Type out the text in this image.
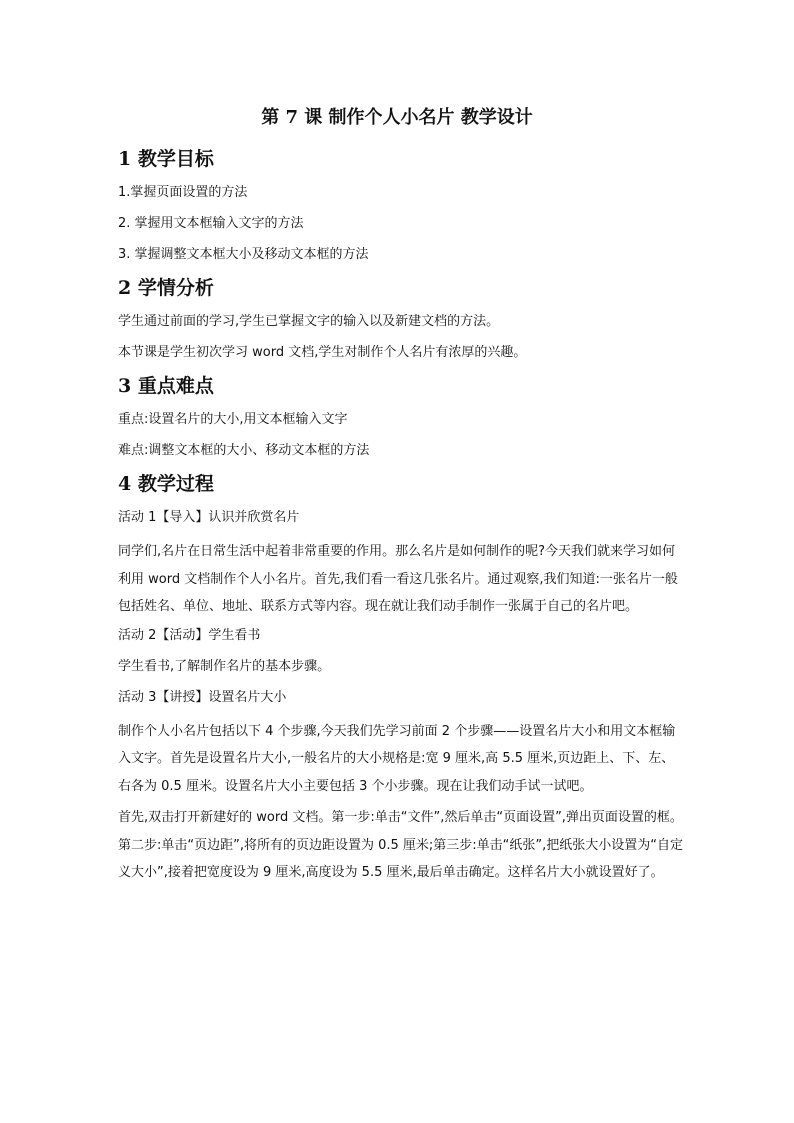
第 7 课 制作个人小名片 教学设计
1 教学目标

1.掌握页面设置的方法

2. 掌握用文本框输入文字的方法

3. 掌握调整文本框大小及移动文本框的方法

2 学情分析

学生通过前面的学习,学生已掌握文字的输入以及新建文档的方法。

本节课是学生初次学习 word 文档,学生对制作个人名片有浓厚的兴趣。

3 重点难点

重点:设置名片的大小,用文本框输入文字

难点:调整文本框的大小、移动文本框的方法

4 教学过程

活动 1【导入】认识并欣赏名片

同学们,名片在日常生活中起着非常重要的作用。那么名片是如何制作的呢?今天我们就来学习如何利用 word 文档制作个人小名片。首先,我们看一看这几张名片。通过观察,我们知道:一张名片一般包括姓名、单位、地址、联系方式等内容。现在就让我们动手制作一张属于自己的名片吧。

活动 2【活动】学生看书

学生看书,了解制作名片的基本步骤。

活动 3【讲授】设置名片大小

制作个人小名片包括以下 4 个步骤,今天我们先学习前面 2 个步骤——设置名片大小和用文本框输入文字。首先是设置名片大小,一般名片的大小规格是:宽 9 厘米,高 5.5 厘米,页边距上、下、左、右各为 0.5 厘米。设置名片大小主要包括 3 个小步骤。现在让我们动手试一试吧。

首先,双击打开新建好的 word 文档。第一步:单击“文件”,然后单击“页面设置”,弹出页面设置的框。第二步:单击“页边距”,将所有的页边距设置为 0.5 厘米;第三步:单击“纸张”,把纸张大小设置为“自定义大小”,接着把宽度设为 9 厘米,高度设为 5.5 厘米,最后单击确定。这样名片大小就设置好了。
